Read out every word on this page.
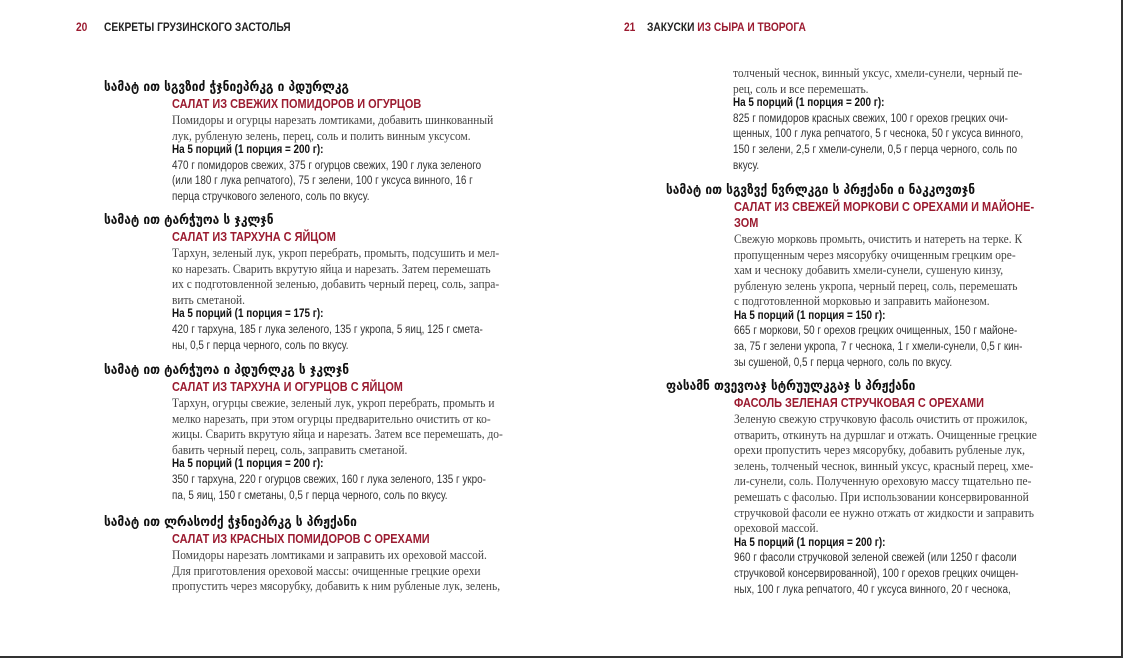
20 СЕКРЕТЫ ГРУЗИНСКОГО ЗАСТОЛЬЯ	21 ЗАКУСКИ ИЗ СЫРА И ТВОРОГА
სამატ ით სგვზიძ ჭჯნიეპრკგ ი პდურლკგ
САЛАТ ИЗ СВЕЖИХ ПОМИДОРОВ И ОГУРЦОВ
Помидоры и огурцы нарезать ломтиками, добавить шинкованный
лук, рубленую зелень, перец, соль и полить винным уксусом.
На 5 порций (1 порция = 200 г):
470 г помидоров свежих, 375 г огурцов свежих, 190 г лука зеленого
(или 180 г лука репчатого), 75 г зелени, 100 г уксуса винного, 16 г
перца стручкового зеленого, соль по вкусу.
სამატ ით ტარჭუოა ს ჯკლჯნ
САЛАТ ИЗ ТАРХУНА С ЯЙЦОМ
Тархун, зеленый лук, укроп перебрать, промыть, подсушить и мел-
ко нарезать. Сварить вкрутую яйца и нарезать. Затем перемешать
их с подготовленной зеленью, добавить черный перец, соль, запра-
вить сметаной.
На 5 порций (1 порция = 175 г):
420 г тархуна, 185 г лука зеленого, 135 г укропа, 5 яиц, 125 г смета-
ны, 0,5 г перца черного, соль по вкусу.
სამატ ით ტარჭუოა ი პდურლკგ ს ჯკლჯნ
САЛАТ ИЗ ТАРХУНА И ОГУРЦОВ С ЯЙЦОМ
Тархун, огурцы свежие, зеленый лук, укроп перебрать, промыть и
мелко нарезать, при этом огурцы предварительно очистить от ко-
жицы. Сварить вкрутую яйца и нарезать. Затем все перемешать, до-
бавить черный перец, соль, заправить сметаной.
На 5 порций (1 порция = 200 г):
350 г тархуна, 220 г огурцов свежих, 160 г лука зеленого, 135 г укро-
па, 5 яиц, 150 г сметаны, 0,5 г перца черного, соль по вкусу.
სამატ ით ლრასოძქ ჭჯნიეპრკგ ს პრჟქანი
САЛАТ ИЗ КРАСНЫХ ПОМИДОРОВ С ОРЕХАМИ
Помидоры нарезать ломтиками и заправить их ореховой массой.
Для приготовления ореховой массы: очищенные грецкие орехи
пропустить через мясорубку, добавить к ним рубленые лук, зелень,
толченый чеснок, винный уксус, хмели-сунели, черный пе-
рец, соль и все перемешать.
На 5 порций (1 порция = 200 г):
825 г помидоров красных свежих, 100 г орехов грецких очи-
щенных, 100 г лука репчатого, 5 г чеснока, 50 г уксуса винного,
150 г зелени, 2,5 г хмели-сунели, 0,5 г перца черного, соль по
вкусу.
სამატ ით სგვზვქ ნვრლკგი ს პრჟქანი ი ნაკკოვთჯნ
САЛАТ ИЗ СВЕЖЕЙ МОРКОВИ С ОРЕХАМИ И МАЙОНЕ-
ЗОМ
Свежую морковь промыть, очистить и натереть на терке. К
пропущенным через мясорубку очищенным грецким оре-
хам и чесноку добавить хмели-сунели, сушеную кинзу,
рубленую зелень укропа, черный перец, соль, перемешать
с подготовленной морковью и заправить майонезом.
На 5 порций (1 порция = 150 г):
665 г моркови, 50 г орехов грецких очищенных, 150 г майоне-
за, 75 г зелени укропа, 7 г чеснока, 1 г хмели-сунели, 0,5 г кин-
зы сушеной, 0,5 г перца черного, соль по вкусу.
ფასამნ თვევოაჯ სტრუულკგაჯ ს პრჟქანი
ФАСОЛЬ ЗЕЛЕНАЯ СТРУЧКОВАЯ С ОРЕХАМИ
Зеленую свежую стручковую фасоль очистить от прожилок,
отварить, откинуть на дуршлаг и отжать. Очищенные грецкие
орехи пропустить через мясорубку, добавить рубленые лук,
зелень, толченый чеснок, винный уксус, красный перец, хме-
ли-сунели, соль. Полученную ореховую массу тщательно пе-
ремешать с фасолью. При использовании консервированной
стручковой фасоли ее нужно отжать от жидкости и заправить
ореховой массой.
На 5 порций (1 порция = 200 г):
960 г фасоли стручковой зеленой свежей (или 1250 г фасоли
стручковой консервированной), 100 г орехов грецких очищен-
ных, 100 г лука репчатого, 40 г уксуса винного, 20 г чеснока,
